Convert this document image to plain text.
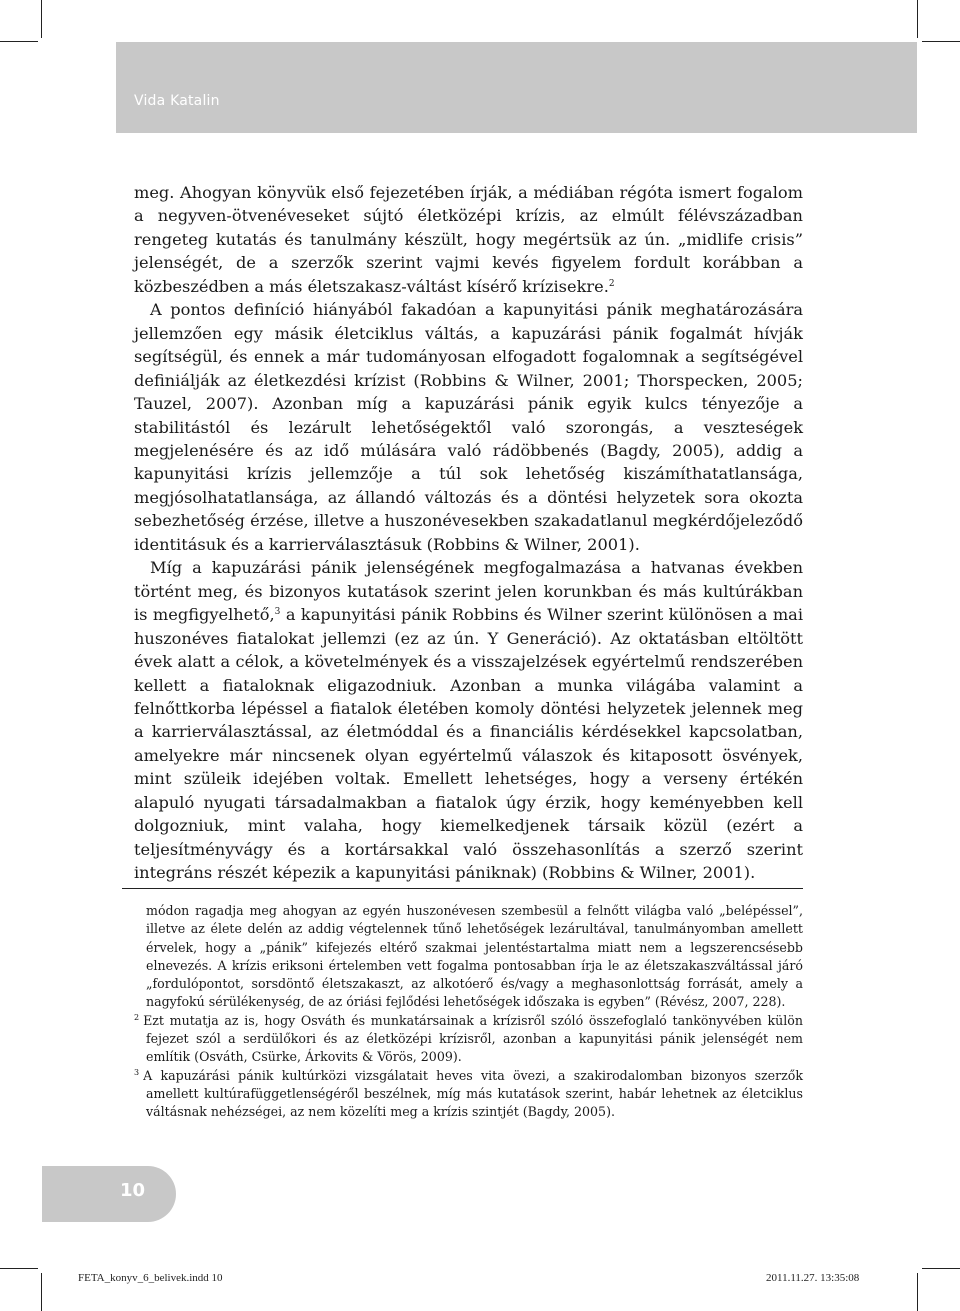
Vida Katalin

meg. Ahogyan könyvük első fejezetében írják, a médiában régóta ismert fogalom a negyven-ötvenéveseket sújtó életközépi krízis, az elmúlt félévszázadban rengeteg kutatás és tanulmány készült, hogy megértsük az ún. „midlife crisis” jelenségét, de a szerzők szerint vajmi kevés figyelem fordult korábban a közbeszédben a más életszakasz-váltást kísérő krízisekre.$^2$

A pontos definíció hiányából fakadóan a kapunyitási pánik meghatározására jellemzően egy másik életciklus váltás, a kapuzárási pánik fogalmát hívják segítségül, és ennek a már tudományosan elfogadott fogalomnak a segítségével definiálják az életkezdési krízist (Robbins & Wilner, 2001; Thorspecken, 2005; Tauzel, 2007). Azonban míg a kapuzárási pánik egyik kulcs tényezője a stabilitástól és lezárult lehetőségektől való szorongás, a veszteségek megjelenésére és az idő múlására való rádöbbenés (Bagdy, 2005), addig a kapunyitási krízis jellemzője a túl sok lehetőség kiszámíthatatlansága, megjósolhatatlansága, az állandó változás és a döntési helyzetek sora okozta sebezhetőség érzése, illetve a huszonévesekben szakadatlanul megkérdőjeleződő identitásuk és a karrierválasztásuk (Robbins & Wilner, 2001).

Míg a kapuzárási pánik jelenségének megfogalmazása a hatvanas években történt meg, és bizonyos kutatások szerint jelen korunkban és más kultúrákban is megfigyelhető,$^3$ a kapunyitási pánik Robbins és Wilner szerint különösen a mai huszonéves fiatalokat jellemzi (ez az ún. Y Generáció). Az oktatásban eltöltött évek alatt a célok, a követelmények és a visszajelzések egyértelmű rendszerében kellett a fiataloknak eligazodniuk. Azonban a munka világába valamint a felnőttkorba lépéssel a fiatalok életében komoly döntési helyzetek jelennek meg a karrierválasztással, az életmóddal és a financiális kérdésekkel kapcsolatban, amelyekre már nincsenek olyan egyértelmű válaszok és kitaposott ösvények, mint szüleik idejében voltak. Emellett lehetséges, hogy a verseny értékén alapuló nyugati társadalmakban a fiatalok úgy érzik, hogy keményebben kell dolgozniuk, mint valaha, hogy kiemelkedjenek társaik közül (ezért a teljesítményvágy és a kortársakkal való összehasonlítás a szerző szerint integráns részét képezik a kapunyitási pániknak) (Robbins & Wilner, 2001).

módon ragadja meg ahogyan az egyén huszonévesen szembesül a felnőtt világba való „belépéssel”, illetve az élete delén az addig végtelennek tűnő lehetőségek lezárultával, tanulmányomban amellett érvelek, hogy a „pánik” kifejezés eltérő szakmai jelentéstartalma miatt nem a legszerencsésebb elnevezés. A krízis eriksoni értelemben vett fogalma pontosabban írja le az életszakaszváltással járó „fordulópontot, sorsdöntő életszakaszt, az alkotóerő és/vagy a meghasonlottság forrását, amely a nagyfokú sérülékenység, de az óriási fejlődési lehetőségek időszaka is egyben” (Révész, 2007, 228).

$^2$ Ezt mutatja az is, hogy Osváth és munkatársainak a krízisről szóló összefoglaló tankönyvében külön fejezet szól a serdülőkori és az életközépi krízisről, azonban a kapunyitási pánik jelenségét nem említik (Osváth, Csürke, Árkovits & Vörös, 2009).

$^3$ A kapuzárási pánik kultúrközi vizsgálatait heves vita övezi, a szakirodalomban bizonyos szerzők amellett kultúrafüggetlenségéről beszélnek, míg más kutatások szerint, habár lehetnek az életciklus váltásnak nehézségei, az nem közelíti meg a krízis szintjét (Bagdy, 2005).

10
FETA_konyv_6_belivek.indd 10	2011.11.27. 13:35:08
